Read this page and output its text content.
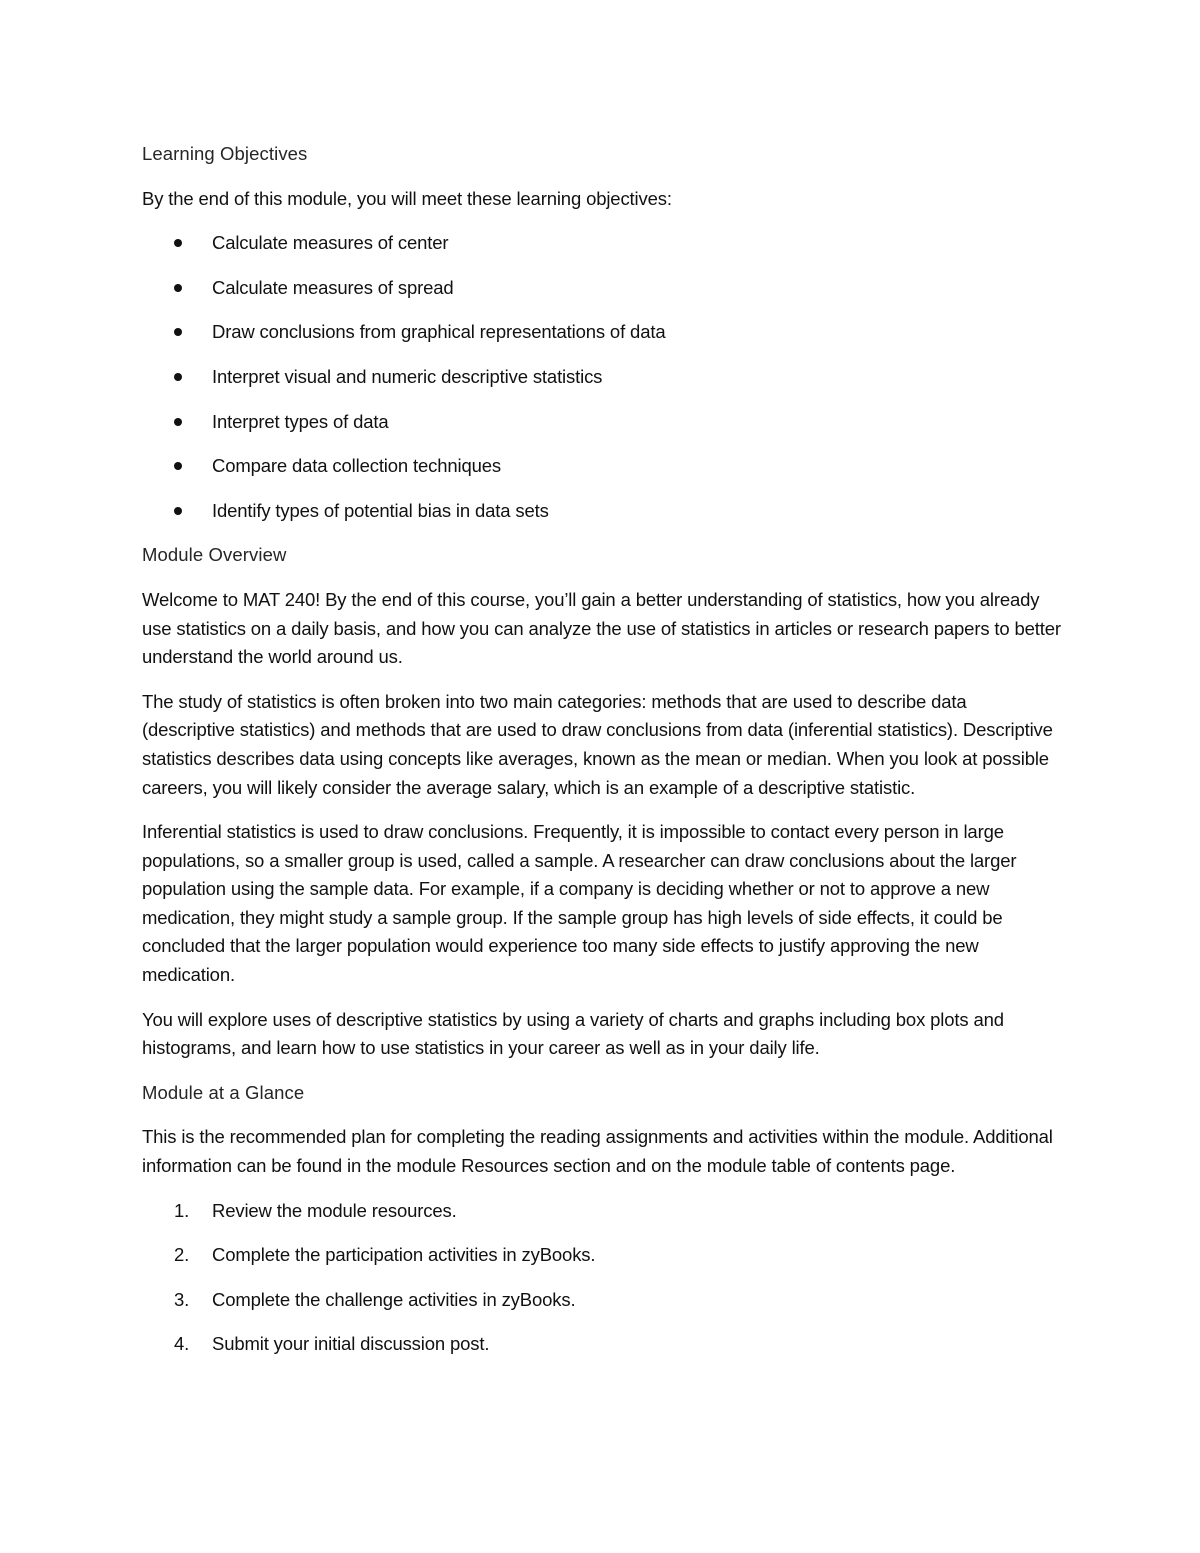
Learning Objectives

By the end of this module, you will meet these learning objectives:

Calculate measures of center
Calculate measures of spread
Draw conclusions from graphical representations of data
Interpret visual and numeric descriptive statistics
Interpret types of data
Compare data collection techniques
Identify types of potential bias in data sets
Module Overview

Welcome to MAT 240! By the end of this course, you’ll gain a better understanding of statistics, how you already use statistics on a daily basis, and how you can analyze the use of statistics in articles or research papers to better understand the world around us.

The study of statistics is often broken into two main categories: methods that are used to describe data (descriptive statistics) and methods that are used to draw conclusions from data (inferential statistics). Descriptive statistics describes data using concepts like averages, known as the mean or median. When you look at possible careers, you will likely consider the average salary, which is an example of a descriptive statistic.

Inferential statistics is used to draw conclusions. Frequently, it is impossible to contact every person in large populations, so a smaller group is used, called a sample. A researcher can draw conclusions about the larger population using the sample data. For example, if a company is deciding whether or not to approve a new medication, they might study a sample group. If the sample group has high levels of side effects, it could be concluded that the larger population would experience too many side effects to justify approving the new medication.

You will explore uses of descriptive statistics by using a variety of charts and graphs including box plots and histograms, and learn how to use statistics in your career as well as in your daily life.

Module at a Glance

This is the recommended plan for completing the reading assignments and activities within the module. Additional information can be found in the module Resources section and on the module table of contents page.

1. Review the module resources.
2. Complete the participation activities in zyBooks.
3. Complete the challenge activities in zyBooks.
4. Submit your initial discussion post.
